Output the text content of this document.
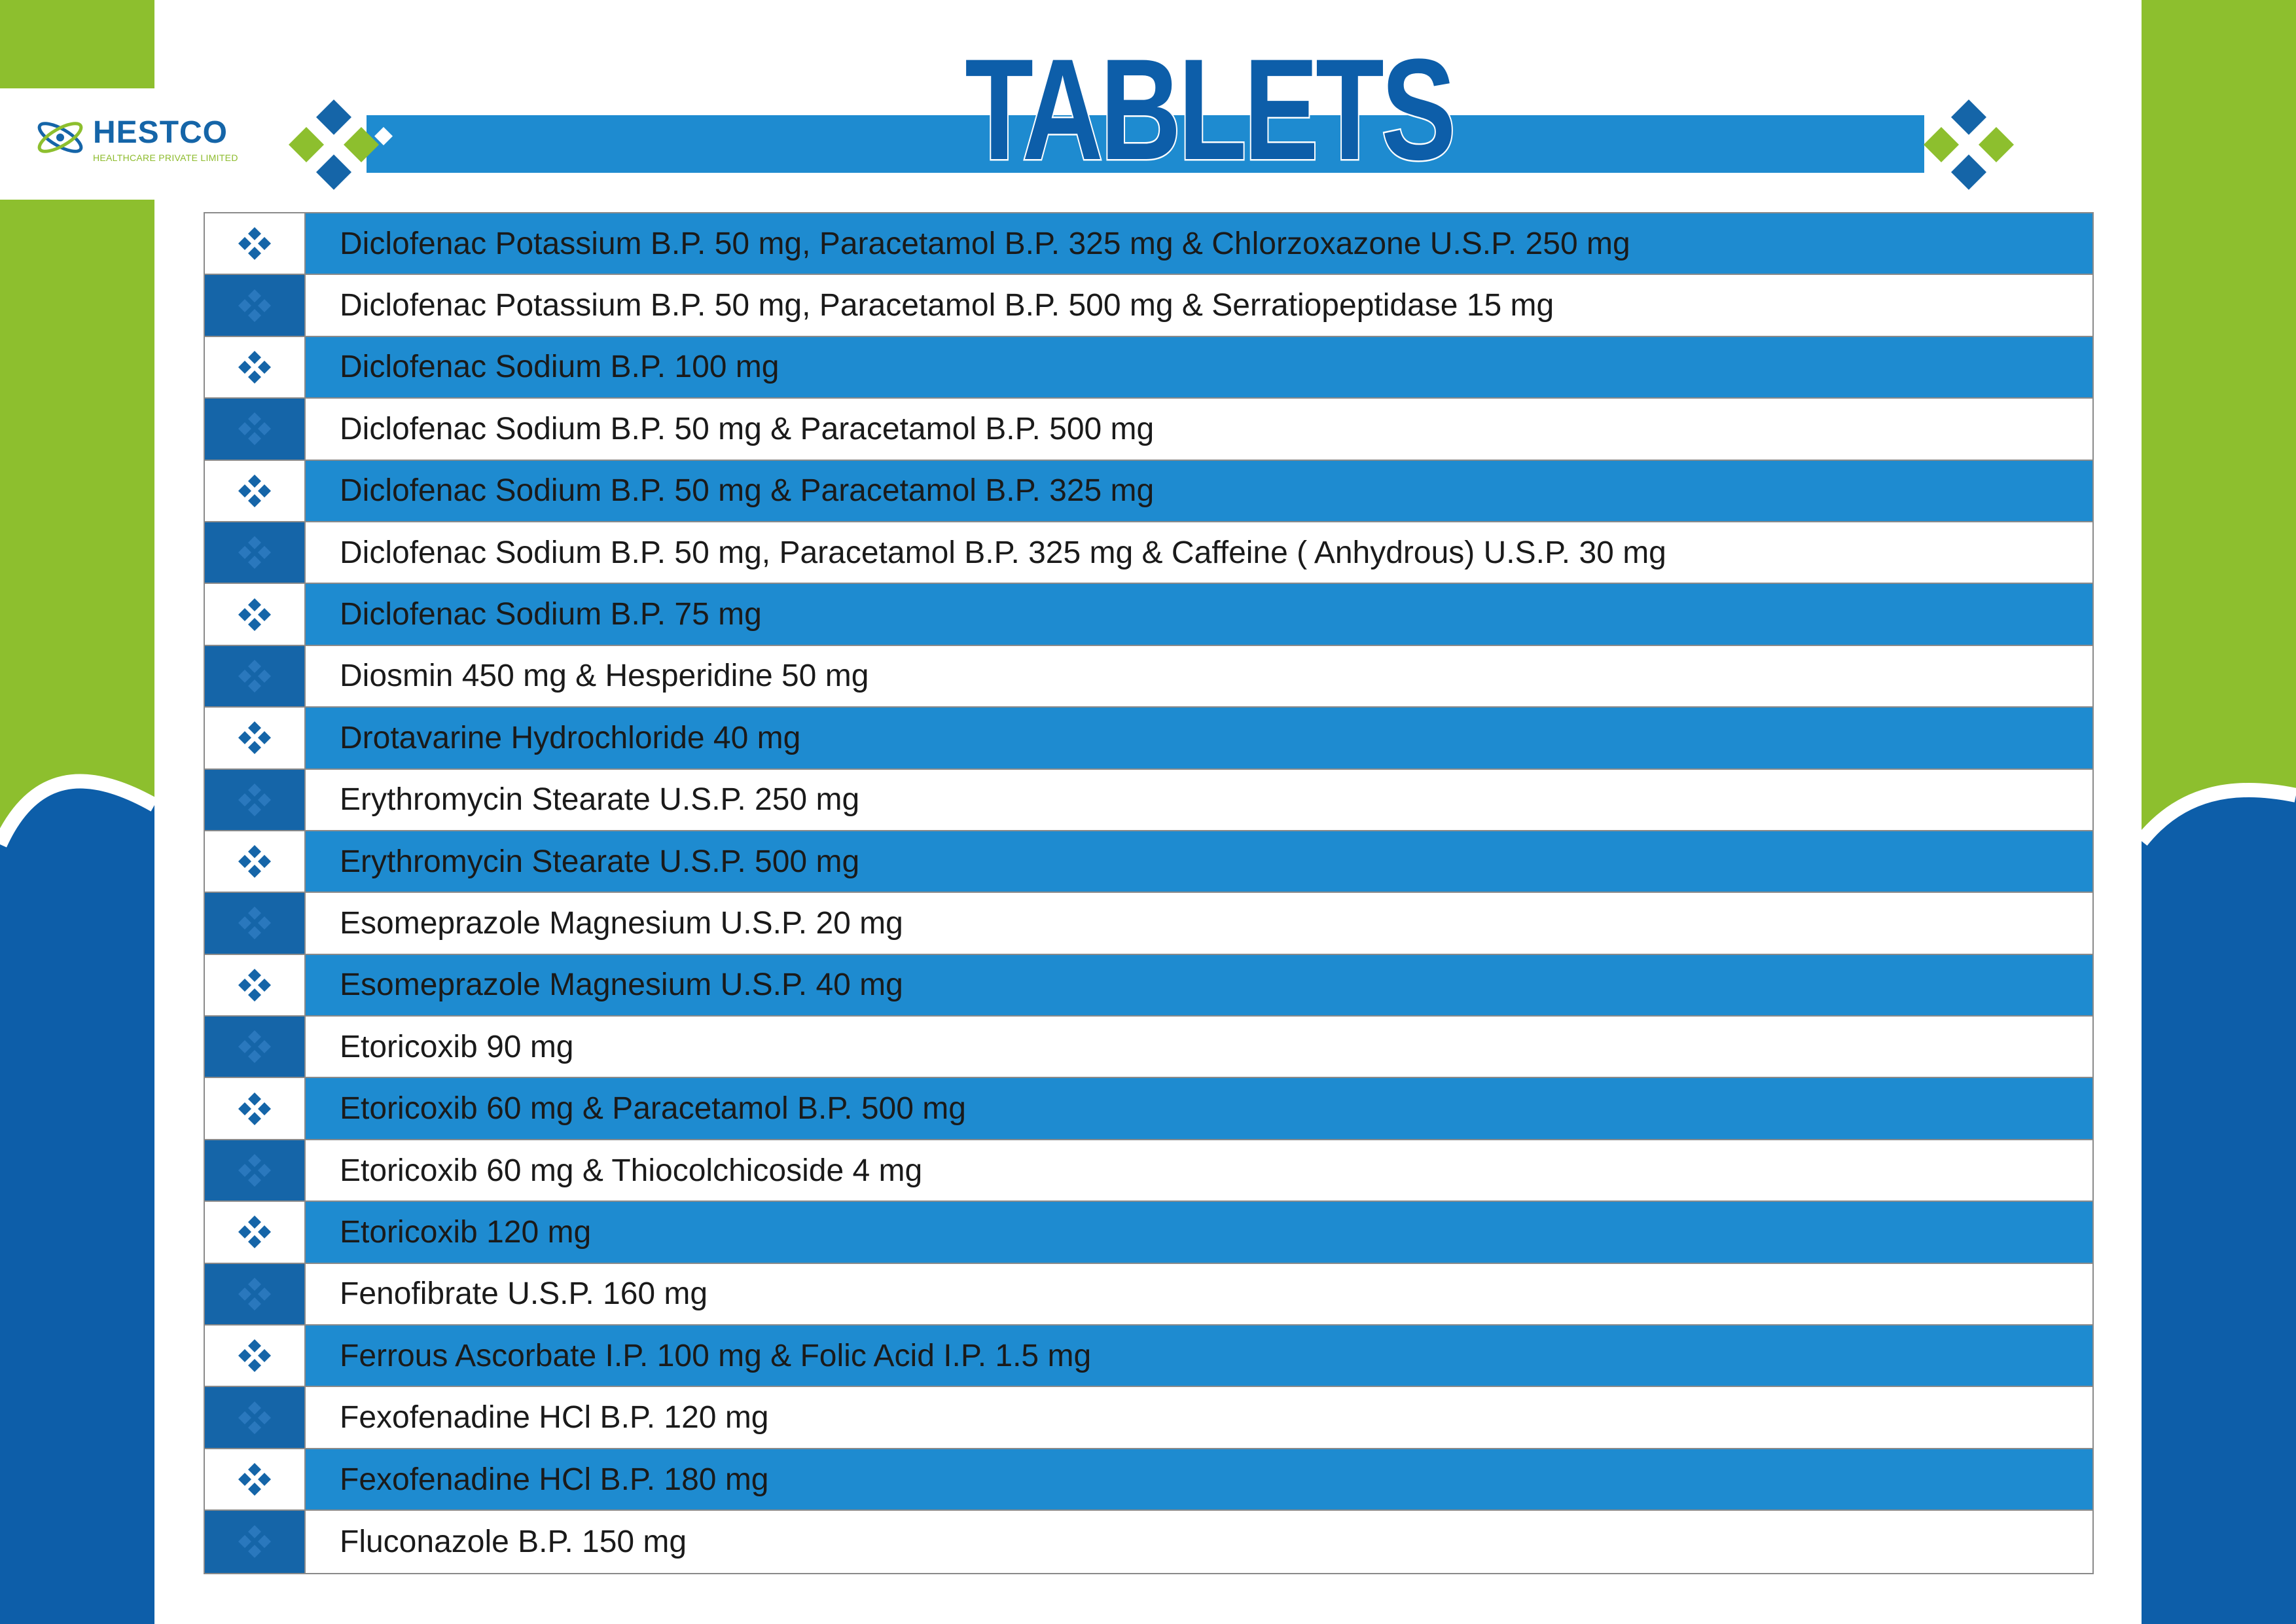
TABLETS
HESTCO
HEALTHCARE PRIVATE LIMITED
Diclofenac Potassium B.P. 50 mg, Paracetamol B.P. 325 mg & Chlorzoxazone U.S.P. 250 mg
Diclofenac Potassium B.P. 50 mg, Paracetamol B.P. 500 mg & Serratiopeptidase 15 mg
Diclofenac Sodium B.P. 100 mg
Diclofenac Sodium B.P. 50 mg & Paracetamol B.P. 500 mg
Diclofenac Sodium B.P. 50 mg & Paracetamol B.P. 325 mg
Diclofenac Sodium B.P. 50 mg, Paracetamol B.P. 325 mg & Caffeine ( Anhydrous) U.S.P. 30 mg
Diclofenac Sodium B.P. 75 mg
Diosmin 450 mg & Hesperidine 50 mg
Drotavarine Hydrochloride 40 mg
Erythromycin Stearate U.S.P. 250 mg
Erythromycin Stearate U.S.P. 500 mg
Esomeprazole Magnesium U.S.P. 20 mg
Esomeprazole Magnesium U.S.P. 40 mg
Etoricoxib 90 mg
Etoricoxib 60 mg & Paracetamol B.P. 500 mg
Etoricoxib 60 mg & Thiocolchicoside 4 mg
Etoricoxib 120 mg
Fenofibrate U.S.P. 160 mg
Ferrous Ascorbate I.P. 100 mg & Folic Acid I.P. 1.5 mg
Fexofenadine HCl B.P. 120 mg
Fexofenadine HCl B.P. 180 mg
Fluconazole B.P. 150 mg
